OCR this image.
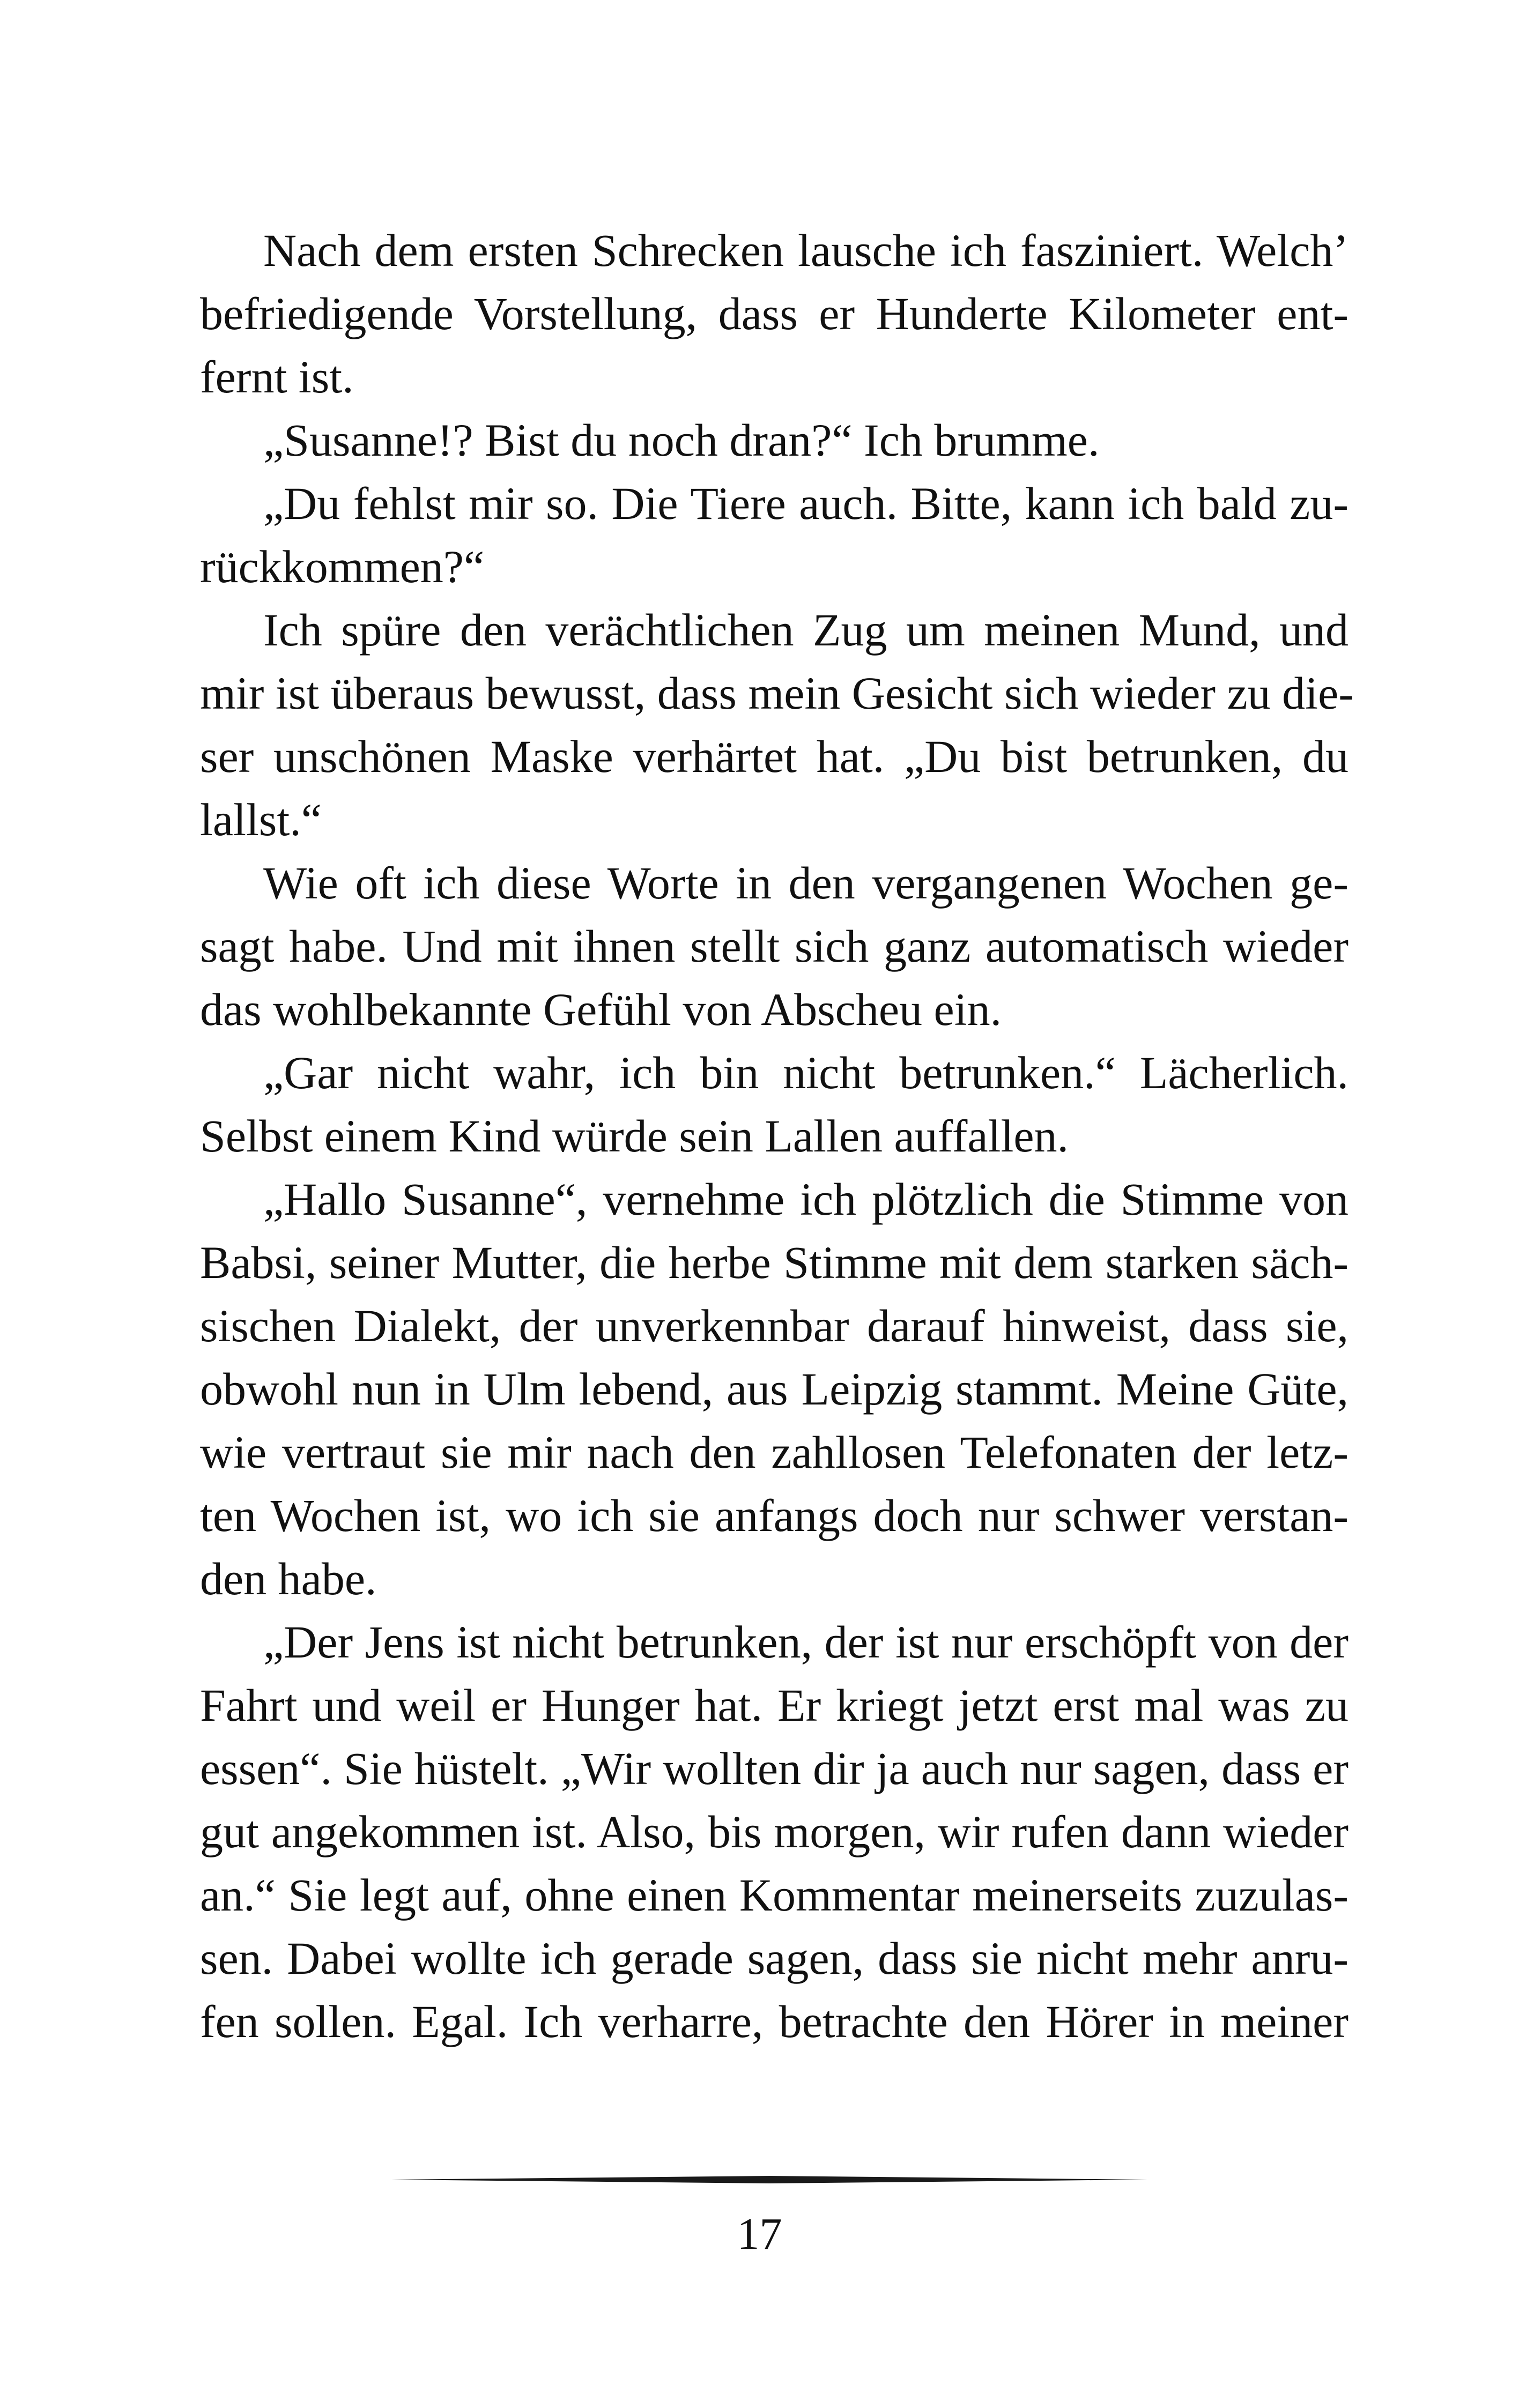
Nach dem ersten Schrecken lausche ich fasziniert. Welch’
befriedigende Vorstellung, dass er Hunderte Kilometer ent-
fernt ist.
„Susanne!? Bist du noch dran?“ Ich brumme.
„Du fehlst mir so. Die Tiere auch. Bitte, kann ich bald zu-
rückkommen?“
Ich spüre den verächtlichen Zug um meinen Mund, und
mir ist überaus bewusst, dass mein Gesicht sich wieder zu die-
ser unschönen Maske verhärtet hat. „Du bist betrunken, du
lallst.“
Wie oft ich diese Worte in den vergangenen Wochen ge-
sagt habe. Und mit ihnen stellt sich ganz automatisch wieder
das wohlbekannte Gefühl von Abscheu ein.
„Gar nicht wahr, ich bin nicht betrunken.“ Lächerlich.
Selbst einem Kind würde sein Lallen auffallen.
„Hallo Susanne“, vernehme ich plötzlich die Stimme von
Babsi, seiner Mutter, die herbe Stimme mit dem starken säch-
sischen Dialekt, der unverkennbar darauf hinweist, dass sie,
obwohl nun in Ulm lebend, aus Leipzig stammt. Meine Güte,
wie vertraut sie mir nach den zahllosen Telefonaten der letz-
ten Wochen ist, wo ich sie anfangs doch nur schwer verstan-
den habe.
„Der Jens ist nicht betrunken, der ist nur erschöpft von der
Fahrt und weil er Hunger hat. Er kriegt jetzt erst mal was zu
essen“. Sie hüstelt. „Wir wollten dir ja auch nur sagen, dass er
gut angekommen ist. Also, bis morgen, wir rufen dann wieder
an.“ Sie legt auf, ohne einen Kommentar meinerseits zuzulas-
sen. Dabei wollte ich gerade sagen, dass sie nicht mehr anru-
fen sollen. Egal. Ich verharre, betrachte den Hörer in meiner
17
